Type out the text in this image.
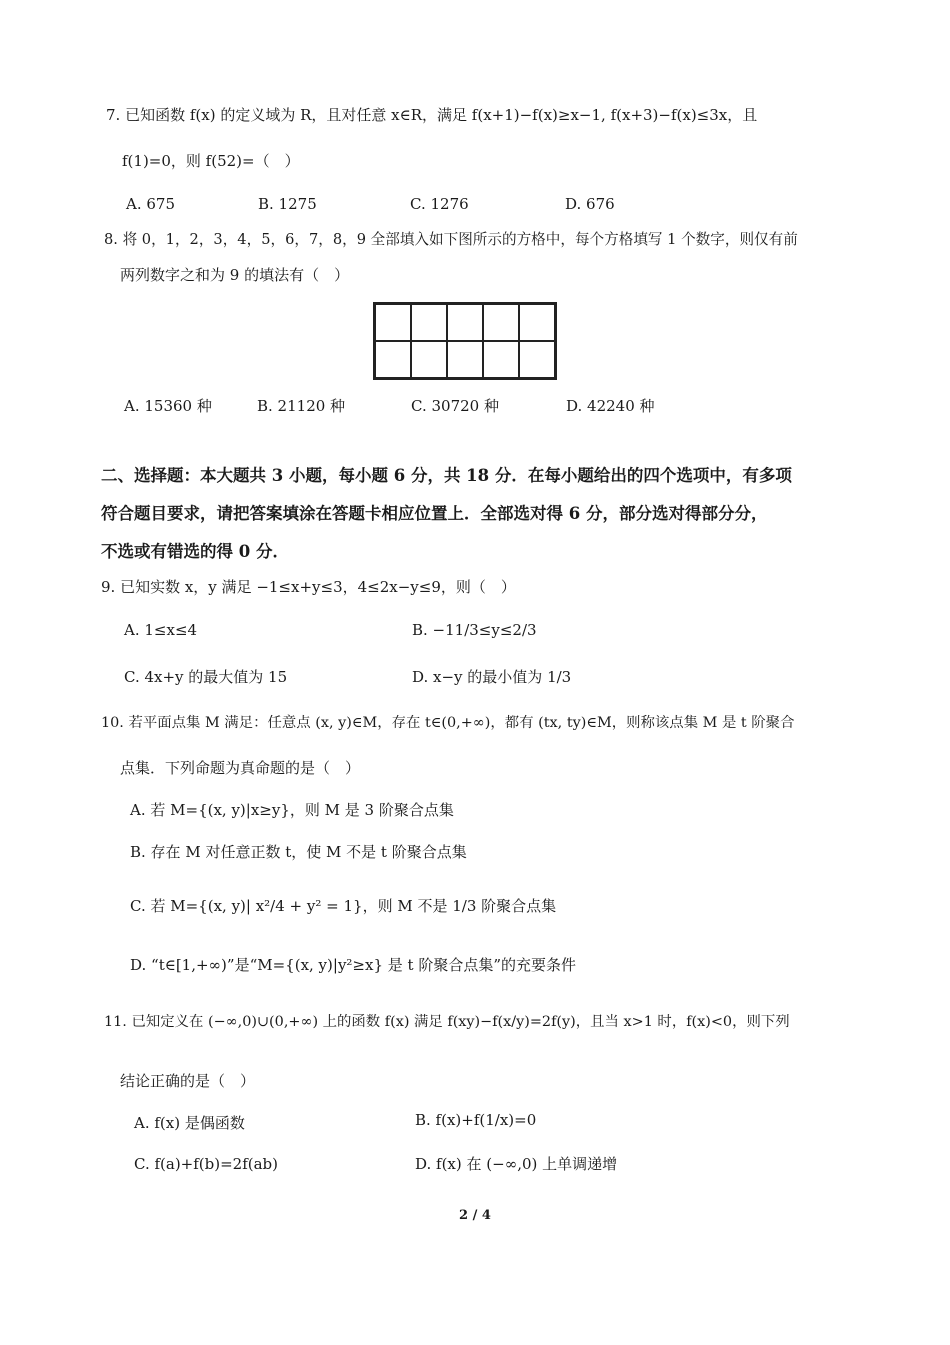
7. 已知函数 f(x) 的定义域为 R，且对任意 x∈R，满足 f(x+1)−f(x)≥x−1, f(x+3)−f(x)≤3x，且
f(1)=0，则 f(52)=（　）
A. 675	B. 1275	C. 1276	D. 676
8. 将 0，1，2，3，4，5，6，7，8，9 全部填入如下图所示的方格中，每个方格填写 1 个数字，则仅有前
两列数字之和为 9 的填法有（　）
A. 15360 种	B. 21120 种	C. 30720 种	D. 42240 种
二、选择题：本大题共 3 小题，每小题 6 分，共 18 分．在每小题给出的四个选项中，有多项
符合题目要求，请把答案填涂在答题卡相应位置上．全部选对得 6 分，部分选对得部分分，
不选或有错选的得 0 分．
9. 已知实数 x，y 满足 −1≤x+y≤3，4≤2x−y≤9，则（　）
A. 1≤x≤4	B. −11/3≤y≤2/3
C. 4x+y 的最大值为 15	D. x−y 的最小值为 1/3
10. 若平面点集 M 满足：任意点 (x, y)∈M，存在 t∈(0,+∞)，都有 (tx, ty)∈M，则称该点集 M 是 t 阶聚合
点集．下列命题为真命题的是（　）
A. 若 M={(x, y)|x≥y}，则 M 是 3 阶聚合点集
B. 存在 M 对任意正数 t，使 M 不是 t 阶聚合点集
C. 若 M={(x, y)| x²/4 + y² = 1}，则 M 不是 1/3 阶聚合点集
D. “t∈[1,+∞)”是“M={(x, y)|y²≥x} 是 t 阶聚合点集”的充要条件
11. 已知定义在 (−∞,0)∪(0,+∞) 上的函数 f(x) 满足 f(xy)−f(x/y)=2f(y)，且当 x>1 时，f(x)<0，则下列
结论正确的是（　）
A. f(x) 是偶函数	B. f(x)+f(1/x)=0
C. f(a)+f(b)=2f(ab)	D. f(x) 在 (−∞,0) 上单调递增
2 / 4
